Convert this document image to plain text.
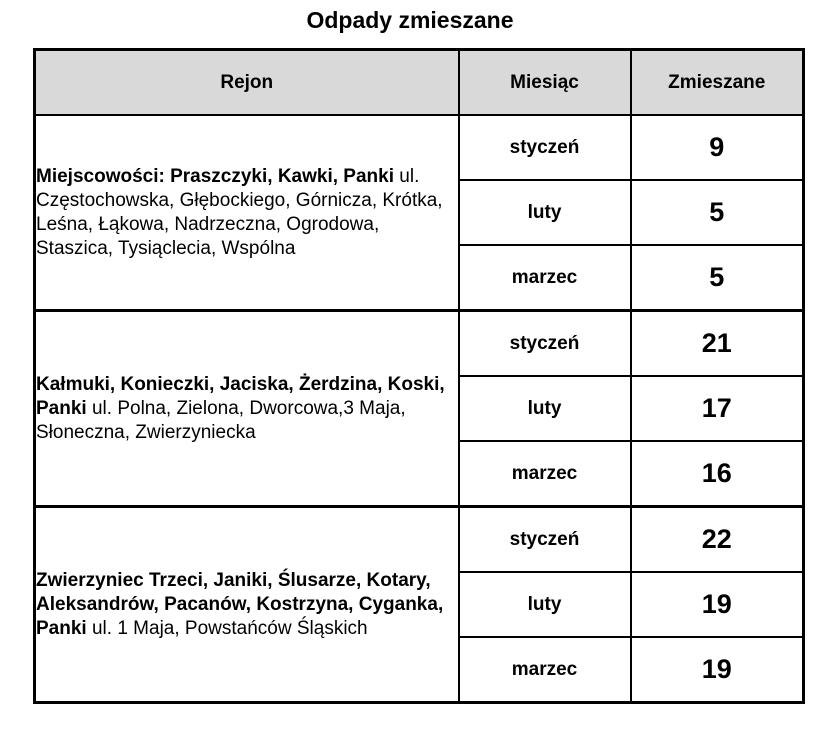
Odpady zmieszane
Rejon	Miesiąc	Zmieszane
Miejscowości: Praszczyki, Kawki, Panki ul. Częstochowska, Głębockiego, Górnicza, Krótka, Leśna, Łąkowa, Nadrzeczna, Ogrodowa, Staszica, Tysiąclecia, Wspólna	styczeń	9
	luty	5
	marzec	5
Kałmuki, Konieczki, Jaciska, Żerdzina, Koski, Panki ul. Polna, Zielona, Dworcowa,3 Maja, Słoneczna, Zwierzyniecka	styczeń	21
	luty	17
	marzec	16
Zwierzyniec Trzeci, Janiki, Ślusarze, Kotary, Aleksandrów, Pacanów, Kostrzyna, Cyganka, Panki ul. 1 Maja, Powstańców Śląskich	styczeń	22
	luty	19
	marzec	19
